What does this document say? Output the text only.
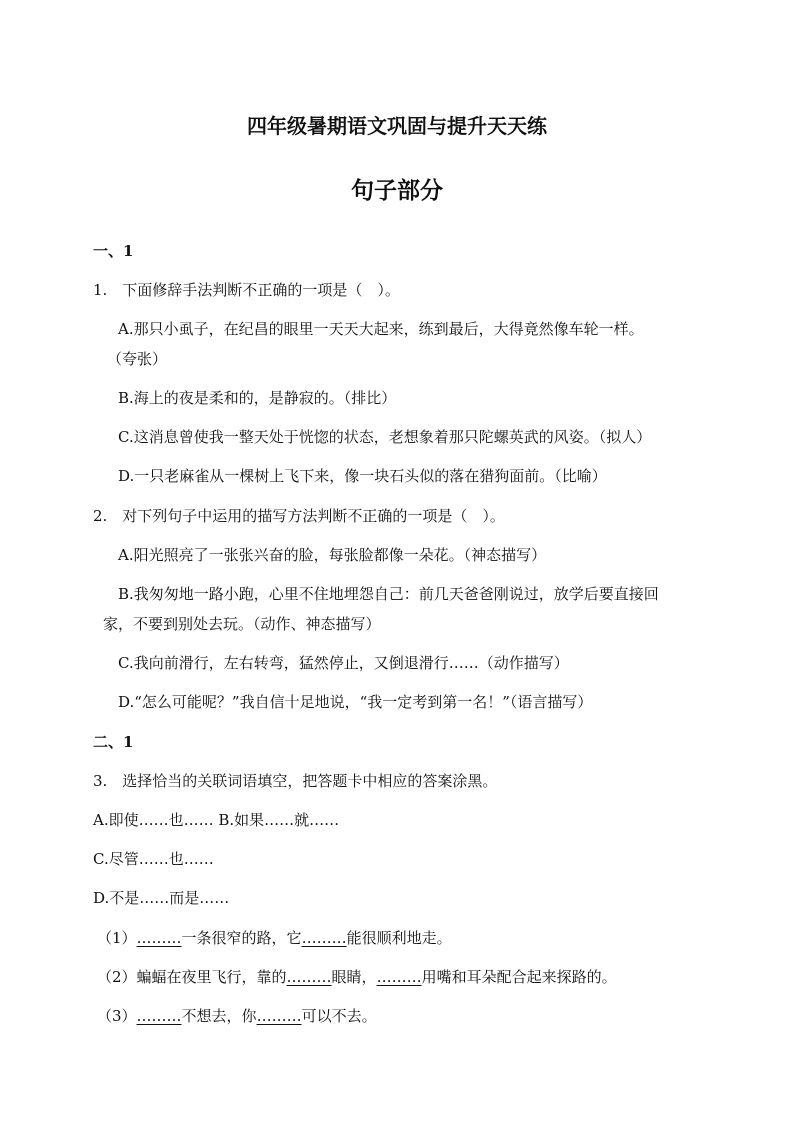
四年级暑期语文巩固与提升天天练
句子部分
一、1
1.　下面修辞手法判断不正确的一项是（　）。
A.那只小虱子，在纪昌的眼里一天天大起来，练到最后，大得竟然像车轮一样。
（夸张）
B.海上的夜是柔和的，是静寂的。（排比）
C.这消息曾使我一整天处于恍惚的状态，老想象着那只陀螺英武的风姿。（拟人）
D.一只老麻雀从一棵树上飞下来，像一块石头似的落在猎狗面前。（比喻）
2.　对下列句子中运用的描写方法判断不正确的一项是（　）。
A.阳光照亮了一张张兴奋的脸，每张脸都像一朵花。（神态描写）
B.我匆匆地一路小跑，心里不住地埋怨自己：前几天爸爸刚说过，放学后要直接回
家，不要到别处去玩。（动作、神态描写）
C.我向前滑行，左右转弯，猛然停止，又倒退滑行……（动作描写）
D.“怎么可能呢？”我自信十足地说，“我一定考到第一名！”（语言描写）
二、1
3.　选择恰当的关联词语填空，把答题卡中相应的答案涂黑。
A.即使……也…… B.如果……就……
C.尽管……也……
D.不是……而是……
（1）………一条很窄的路，它………能很顺利地走。
（2）蝙蝠在夜里飞行，靠的………眼睛，………用嘴和耳朵配合起来探路的。
（3）………不想去，你………可以不去。
